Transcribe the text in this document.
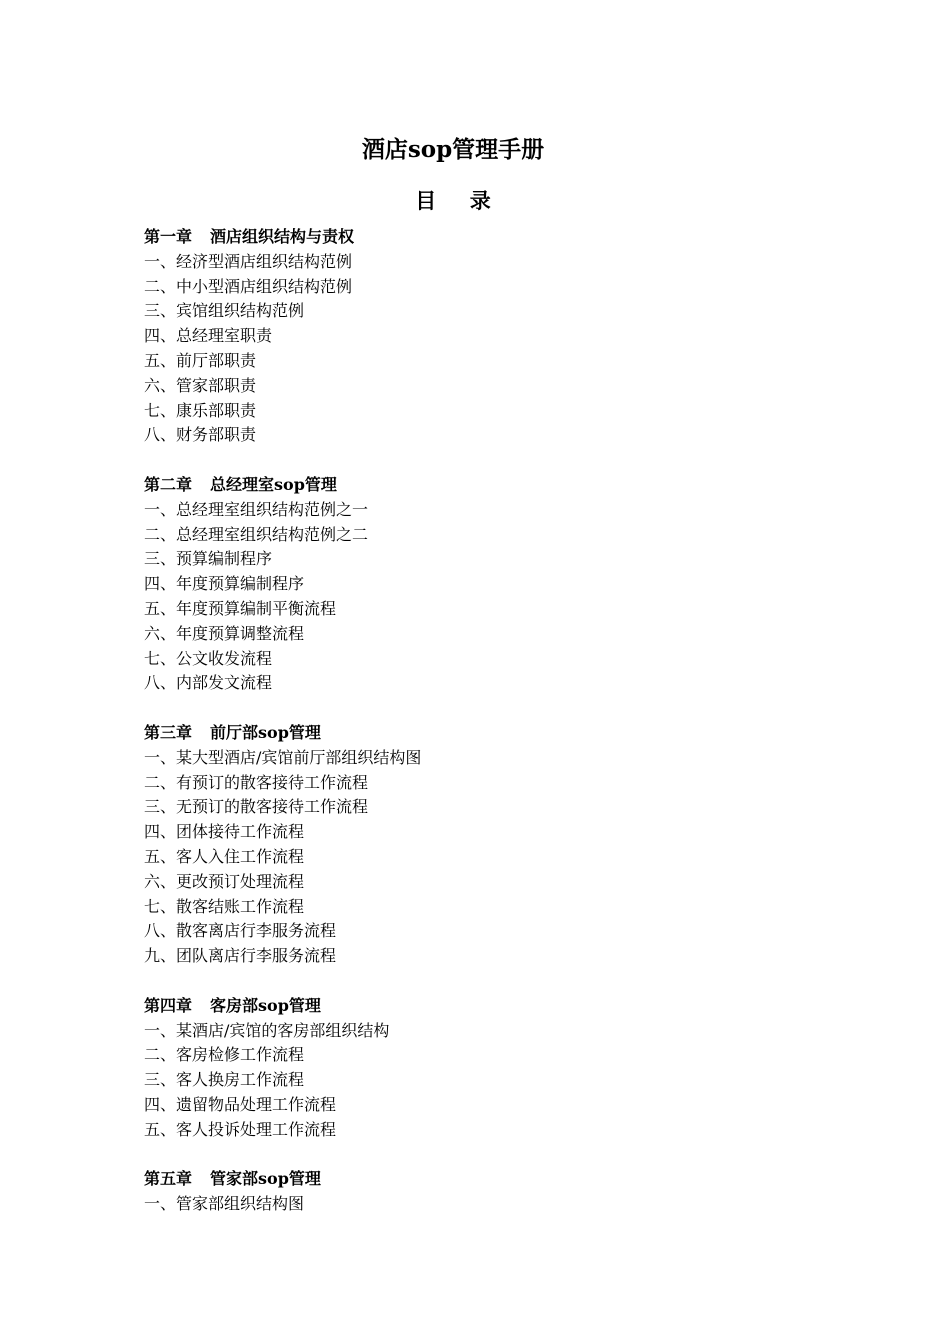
酒店sop管理手册
目录
第一章 酒店组织结构与责权
一、经济型酒店组织结构范例
二、中小型酒店组织结构范例
三、宾馆组织结构范例
四、总经理室职责
五、前厅部职责
六、管家部职责
七、康乐部职责
八、财务部职责
第二章 总经理室sop管理
一、总经理室组织结构范例之一
二、总经理室组织结构范例之二
三、预算编制程序
四、年度预算编制程序
五、年度预算编制平衡流程
六、年度预算调整流程
七、公文收发流程
八、内部发文流程
第三章 前厅部sop管理
一、某大型酒店/宾馆前厅部组织结构图
二、有预订的散客接待工作流程
三、无预订的散客接待工作流程
四、团体接待工作流程
五、客人入住工作流程
六、更改预订处理流程
七、散客结账工作流程
八、散客离店行李服务流程
九、团队离店行李服务流程
第四章 客房部sop管理
一、某酒店/宾馆的客房部组织结构
二、客房检修工作流程
三、客人换房工作流程
四、遗留物品处理工作流程
五、客人投诉处理工作流程
第五章 管家部sop管理
一、管家部组织结构图
